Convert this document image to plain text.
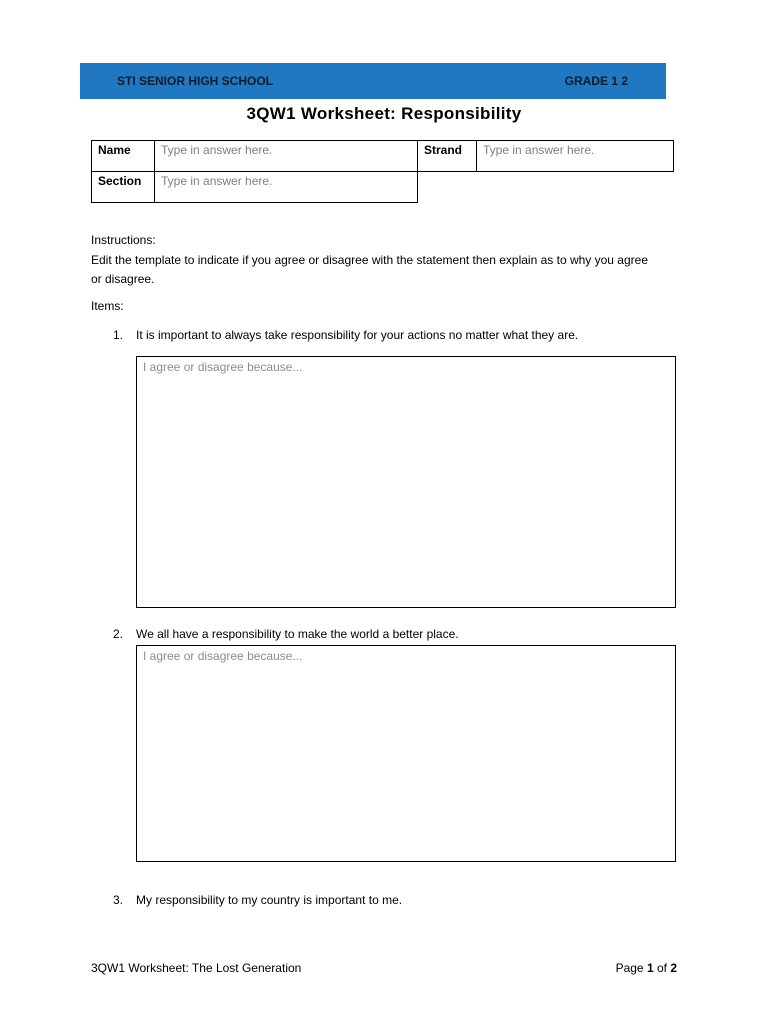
STI SENIOR HIGH SCHOOL	GRADE 1 2
3QW1 Worksheet: Responsibility
Name	Type in answer here.	Strand	Type in answer here.
Section	Type in answer here.		
Instructions:
Edit the template to indicate if you agree or disagree with the statement then explain as to why you agree or disagree.
Items:
1. It is important to always take responsibility for your actions no matter what they are.
I agree or disagree because...
2. We all have a responsibility to make the world a better place.
I agree or disagree because...
3. My responsibility to my country is important to me.
3QW1 Worksheet: The Lost Generation	Page 1 of 2
